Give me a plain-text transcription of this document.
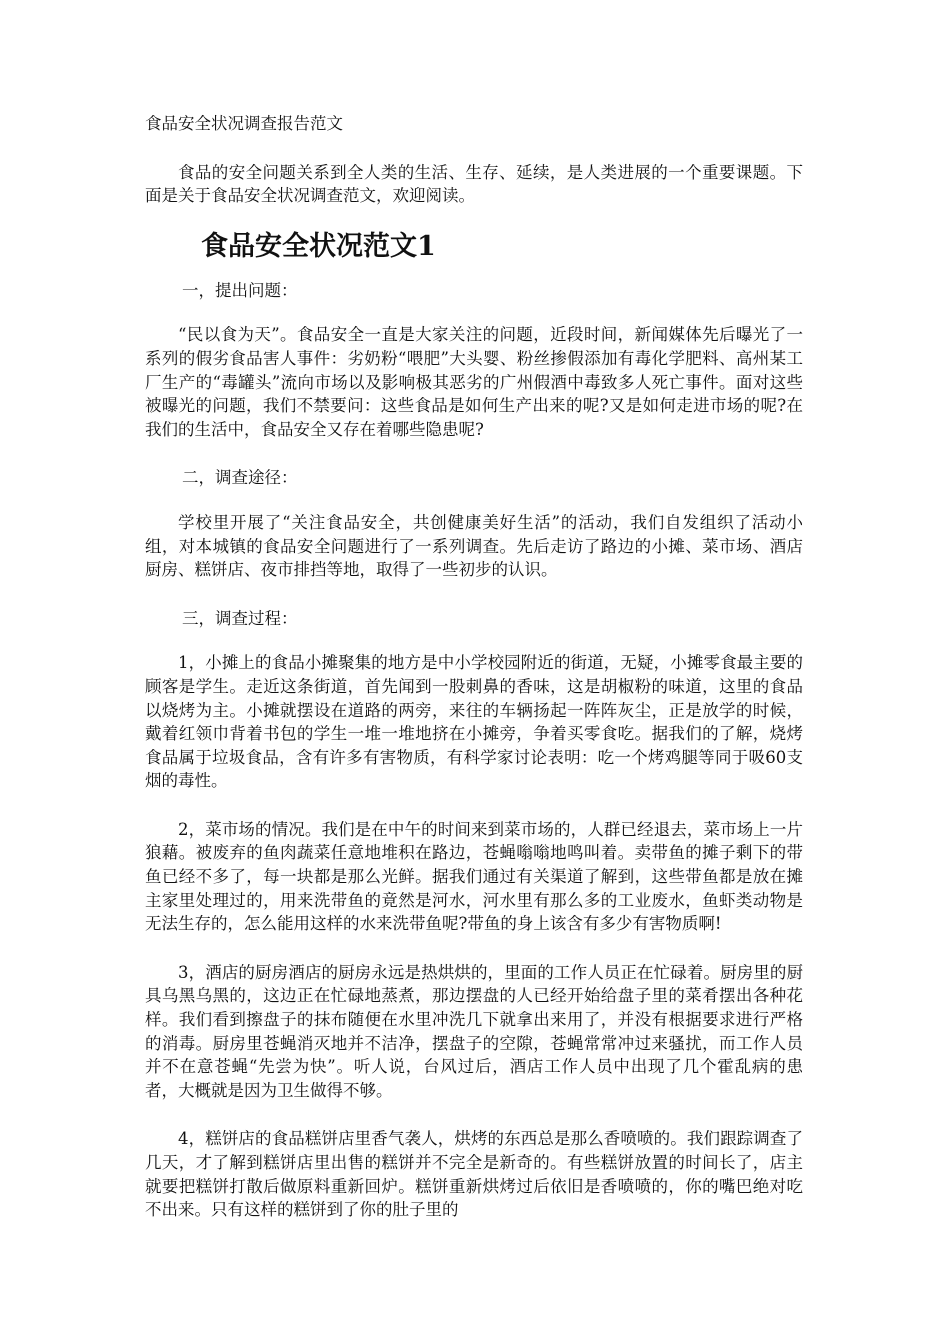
食品安全状况调查报告范文

食品的安全问题关系到全人类的生活、生存、延续，是人类进展的一个重要课题。下面是关于食品安全状况调查范文，欢迎阅读。

食品安全状况范文1
一，提出问题：

“民以食为天”。食品安全一直是大家关注的问题，近段时间，新闻媒体先后曝光了一系列的假劣食品害人事件：劣奶粉“喂肥”大头婴、粉丝掺假添加有毒化学肥料、高州某工厂生产的“毒罐头”流向市场以及影响极其恶劣的广州假酒中毒致多人死亡事件。面对这些被曝光的问题，我们不禁要问：这些食品是如何生产出来的呢?又是如何走进市场的呢?在我们的生活中，食品安全又存在着哪些隐患呢?

二，调查途径：

学校里开展了“关注食品安全，共创健康美好生活”的活动，我们自发组织了活动小组，对本城镇的食品安全问题进行了一系列调查。先后走访了路边的小摊、菜市场、酒店厨房、糕饼店、夜市排挡等地，取得了一些初步的认识。

三，调查过程：

1，小摊上的食品小摊聚集的地方是中小学校园附近的街道，无疑，小摊零食最主要的顾客是学生。走近这条街道，首先闻到一股刺鼻的香味，这是胡椒粉的味道，这里的食品以烧烤为主。小摊就摆设在道路的两旁，来往的车辆扬起一阵阵灰尘，正是放学的时候，戴着红领巾背着书包的学生一堆一堆地挤在小摊旁，争着买零食吃。据我们的了解，烧烤食品属于垃圾食品，含有许多有害物质，有科学家讨论表明：吃一个烤鸡腿等同于吸60支烟的毒性。

2，菜市场的情况。我们是在中午的时间来到菜市场的，人群已经退去，菜市场上一片狼藉。被废弃的鱼肉蔬菜任意地堆积在路边，苍蝇嗡嗡地鸣叫着。卖带鱼的摊子剩下的带鱼已经不多了，每一块都是那么光鲜。据我们通过有关渠道了解到，这些带鱼都是放在摊主家里处理过的，用来洗带鱼的竟然是河水，河水里有那么多的工业废水，鱼虾类动物是无法生存的，怎么能用这样的水来洗带鱼呢?带鱼的身上该含有多少有害物质啊!

3，酒店的厨房酒店的厨房永远是热烘烘的，里面的工作人员正在忙碌着。厨房里的厨具乌黑乌黑的，这边正在忙碌地蒸煮，那边摆盘的人已经开始给盘子里的菜肴摆出各种花样。我们看到擦盘子的抹布随便在水里冲洗几下就拿出来用了，并没有根据要求进行严格的消毒。厨房里苍蝇消灭地并不洁净，摆盘子的空隙，苍蝇常常冲过来骚扰，而工作人员并不在意苍蝇“先尝为快”。听人说，台风过后，酒店工作人员中出现了几个霍乱病的患者，大概就是因为卫生做得不够。

4，糕饼店的食品糕饼店里香气袭人，烘烤的东西总是那么香喷喷的。我们跟踪调查了几天，才了解到糕饼店里出售的糕饼并不完全是新奇的。有些糕饼放置的时间长了，店主就要把糕饼打散后做原料重新回炉。糕饼重新烘烤过后依旧是香喷喷的，你的嘴巴绝对吃不出来。只有这样的糕饼到了你的肚子里的
